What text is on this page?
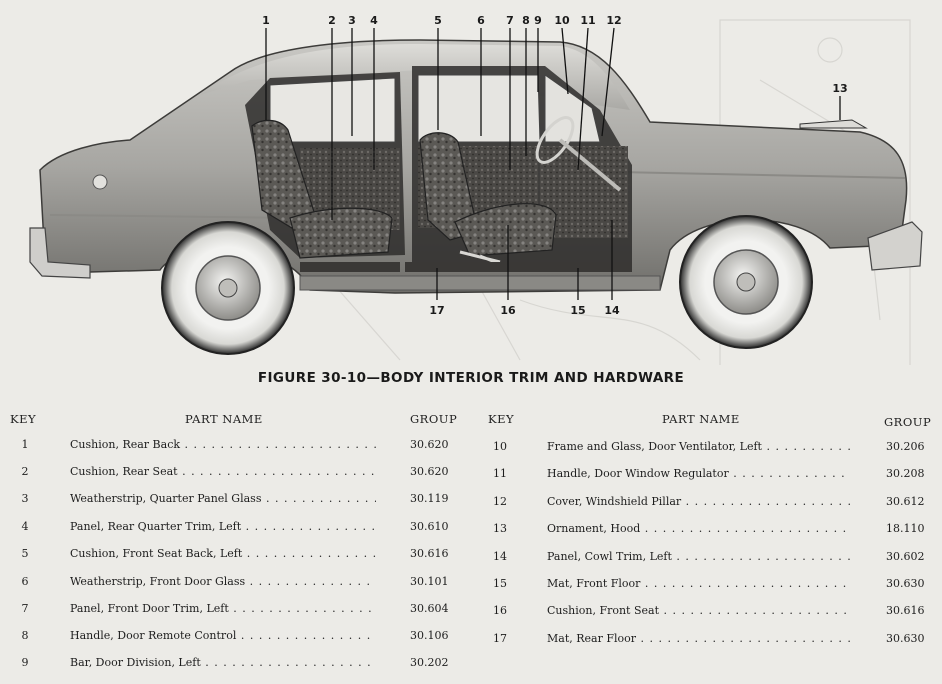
1	2 3 4	5	6 7 8 9 10 11 12
13
14
15
16
17
FIGURE 30-10—BODY INTERIOR TRIM AND HARDWARE
KEY	PART NAME	GROUP	KEY	PART NAME	GROUP
1	Cushion, Rear Back . . .	30.620
2	Cushion, Rear Seat . . .	30.620
3	Weatherstrip, Quarter Panel Glass . . .	30.119
4	Panel, Rear Quarter Trim, Left . . .	30.610
5	Cushion, Front Seat Back, Left . . .	30.616
6	Weatherstrip, Front Door Glass . . .	30.101
7	Panel, Front Door Trim, Left . . .	30.604
8	Handle, Door Remote Control . . .	30.106
9	Bar, Door Division, Left . . .	30.202
10	Frame and Glass, Door Ventilator, Left . . .	30.206
11	Handle, Door Window Regulator . . .	30.208
12	Cover, Windshield Pillar . . .	30.612
13	Ornament, Hood . . .	18.110
14	Panel, Cowl Trim, Left . . .	30.602
15	Mat, Front Floor . . .	30.630
16	Cushion, Front Seat . . .	30.616
17	Mat, Rear Floor . . .	30.630
